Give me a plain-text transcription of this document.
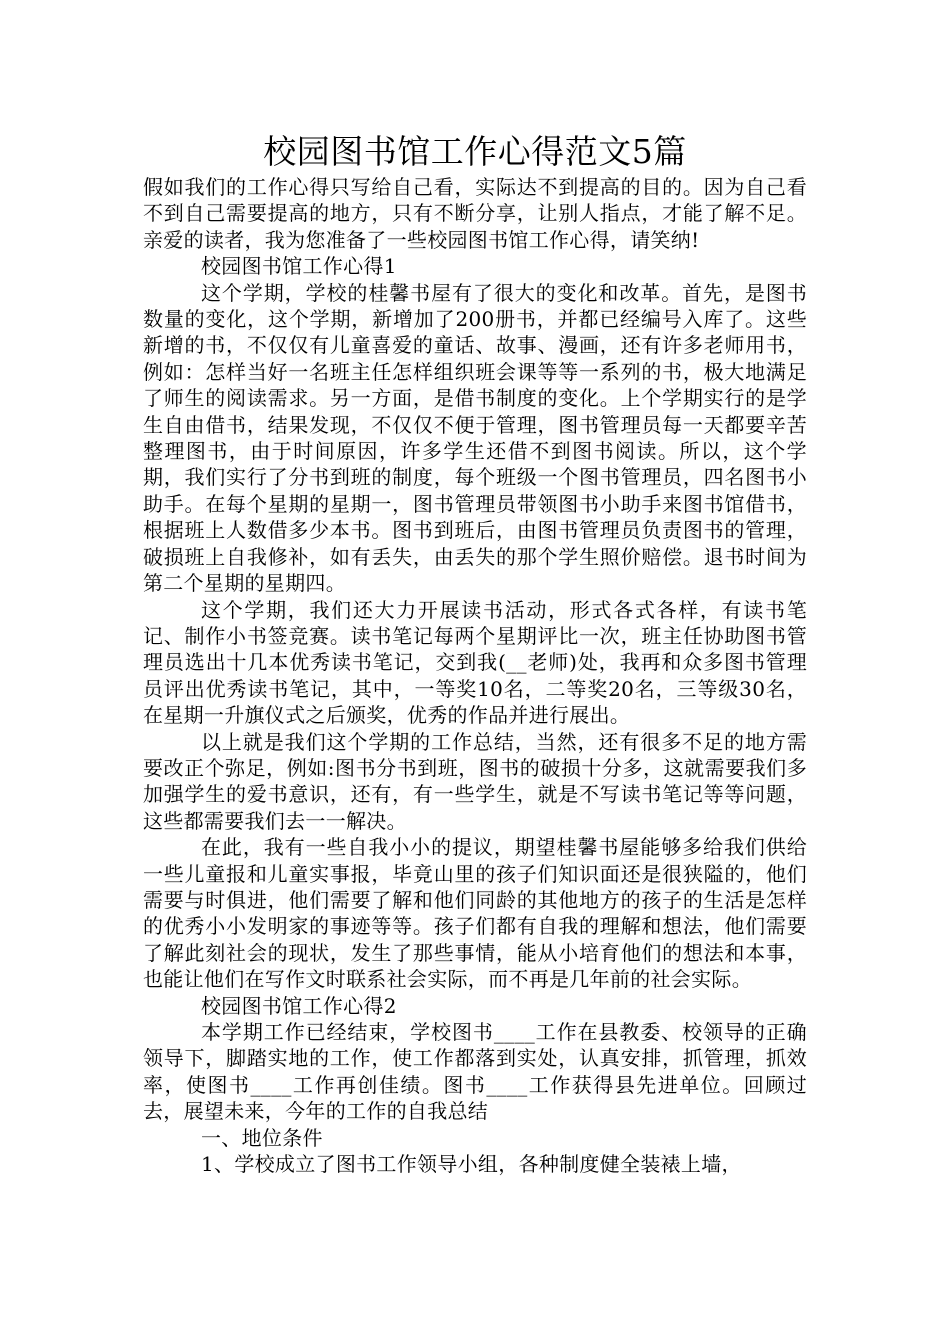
校园图书馆工作心得范文5篇

假如我们的工作心得只写给自己看，实际达不到提高的目的。因为自己看不到自己需要提高的地方，只有不断分享，让别人指点，才能了解不足。亲爱的读者，我为您准备了一些校园图书馆工作心得，请笑纳!

校园图书馆工作心得1

这个学期，学校的桂馨书屋有了很大的变化和改革。首先，是图书数量的变化，这个学期，新增加了200册书，并都已经编号入库了。这些新增的书，不仅仅有儿童喜爱的童话、故事、漫画，还有许多老师用书，例如：怎样当好一名班主任怎样组织班会课等等一系列的书，极大地满足了师生的阅读需求。另一方面，是借书制度的变化。上个学期实行的是学生自由借书，结果发现，不仅仅不便于管理，图书管理员每一天都要辛苦整理图书，由于时间原因，许多学生还借不到图书阅读。所以，这个学期，我们实行了分书到班的制度，每个班级一个图书管理员，四名图书小助手。在每个星期的星期一，图书管理员带领图书小助手来图书馆借书，根据班上人数借多少本书。图书到班后，由图书管理员负责图书的管理，破损班上自我修补，如有丢失，由丢失的那个学生照价赔偿。退书时间为第二个星期的星期四。

这个学期，我们还大力开展读书活动，形式各式各样，有读书笔记、制作小书签竞赛。读书笔记每两个星期评比一次，班主任协助图书管理员选出十几本优秀读书笔记，交到我(__老师)处，我再和众多图书管理员评出优秀读书笔记，其中，一等奖10名，二等奖20名，三等级30名，在星期一升旗仪式之后颁奖，优秀的作品并进行展出。

以上就是我们这个学期的工作总结，当然，还有很多不足的地方需要改正个弥足，例如:图书分书到班，图书的破损十分多，这就需要我们多加强学生的爱书意识，还有，有一些学生，就是不写读书笔记等等问题，这些都需要我们去一一解决。

在此，我有一些自我小小的提议，期望桂馨书屋能够多给我们供给一些儿童报和儿童实事报，毕竟山里的孩子们知识面还是很狭隘的，他们需要与时俱进，他们需要了解和他们同龄的其他地方的孩子的生活是怎样的优秀小小发明家的事迹等等。孩子们都有自我的理解和想法，他们需要了解此刻社会的现状，发生了那些事情，能从小培育他们的想法和本事，也能让他们在写作文时联系社会实际，而不再是几年前的社会实际。

校园图书馆工作心得2

本学期工作已经结束，学校图书____工作在县教委、校领导的正确领导下，脚踏实地的工作，使工作都落到实处，认真安排，抓管理，抓效率，使图书____工作再创佳绩。图书____工作获得县先进单位。回顾过去，展望未来，今年的工作的自我总结

一、地位条件

1、学校成立了图书工作领导小组，各种制度健全装裱上墙，
